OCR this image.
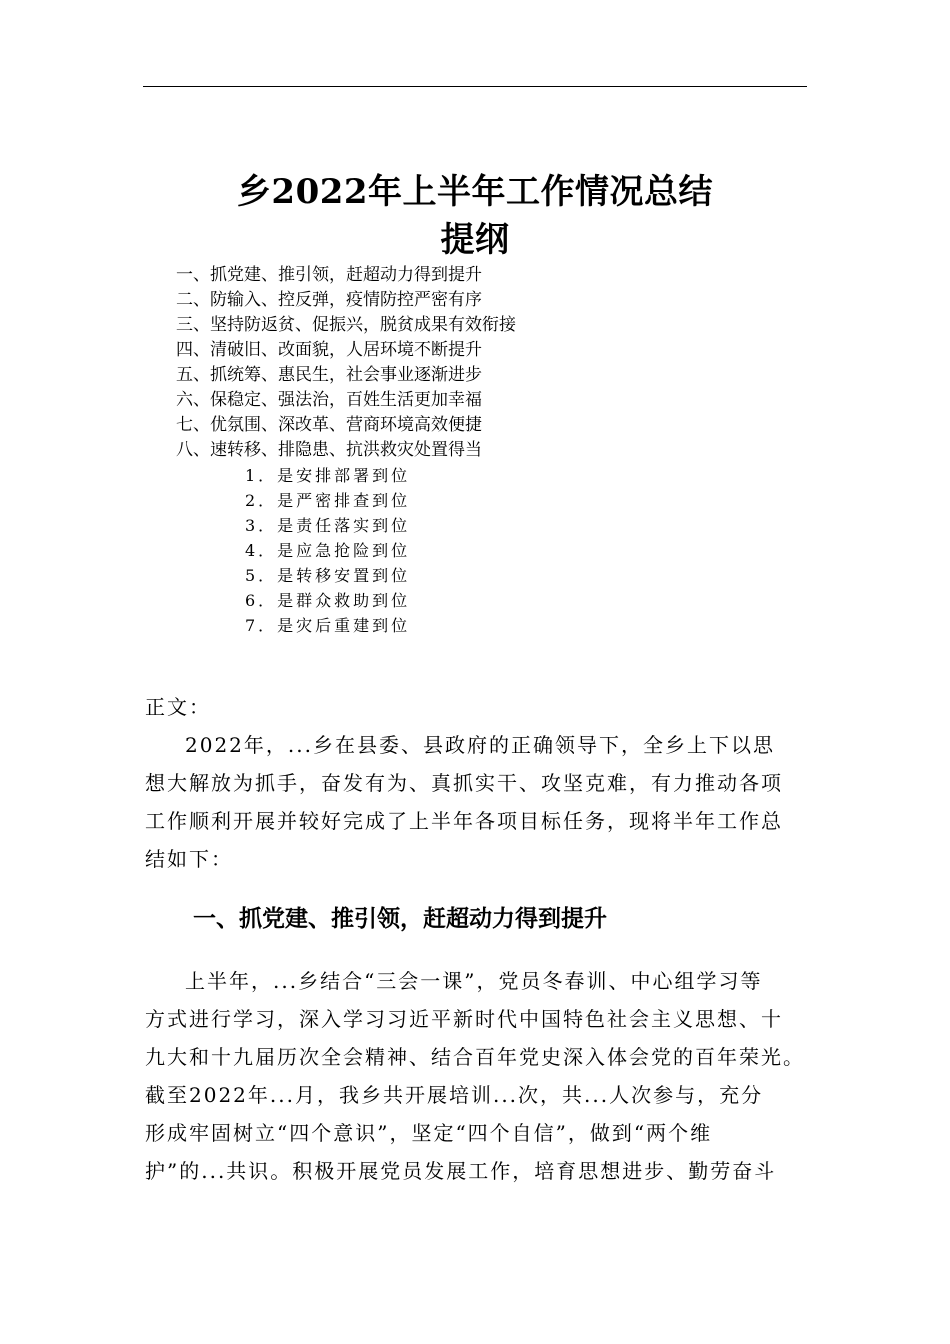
乡2022年上半年工作情况总结
提纲
一、抓党建、推引领，赶超动力得到提升
二、防输入、控反弹，疫情防控严密有序
三、坚持防返贫、促振兴，脱贫成果有效衔接
四、清破旧、改面貌，人居环境不断提升
五、抓统筹、惠民生，社会事业逐渐进步
六、保稳定、强法治，百姓生活更加幸福
七、优氛围、深改革、营商环境高效便捷
八、速转移、排隐患、抗洪救灾处置得当
1．是安排部署到位
2．是严密排查到位
3．是责任落实到位
4．是应急抢险到位
5．是转移安置到位
6．是群众救助到位
7．是灾后重建到位
正文：
2022年，...乡在县委、县政府的正确领导下，全乡上下以思
想大解放为抓手，奋发有为、真抓实干、攻坚克难，有力推动各项
工作顺利开展并较好完成了上半年各项目标任务，现将半年工作总
结如下：
一、抓党建、推引领，赶超动力得到提升
上半年，...乡结合“三会一课”，党员冬春训、中心组学习等
方式进行学习，深入学习习近平新时代中国特色社会主义思想、十
九大和十九届历次全会精神、结合百年党史深入体会党的百年荣光。
截至2022年...月，我乡共开展培训...次，共...人次参与，充分
形成牢固树立“四个意识”，坚定“四个自信”，做到“两个维
护”的...共识。积极开展党员发展工作，培育思想进步、勤劳奋斗
